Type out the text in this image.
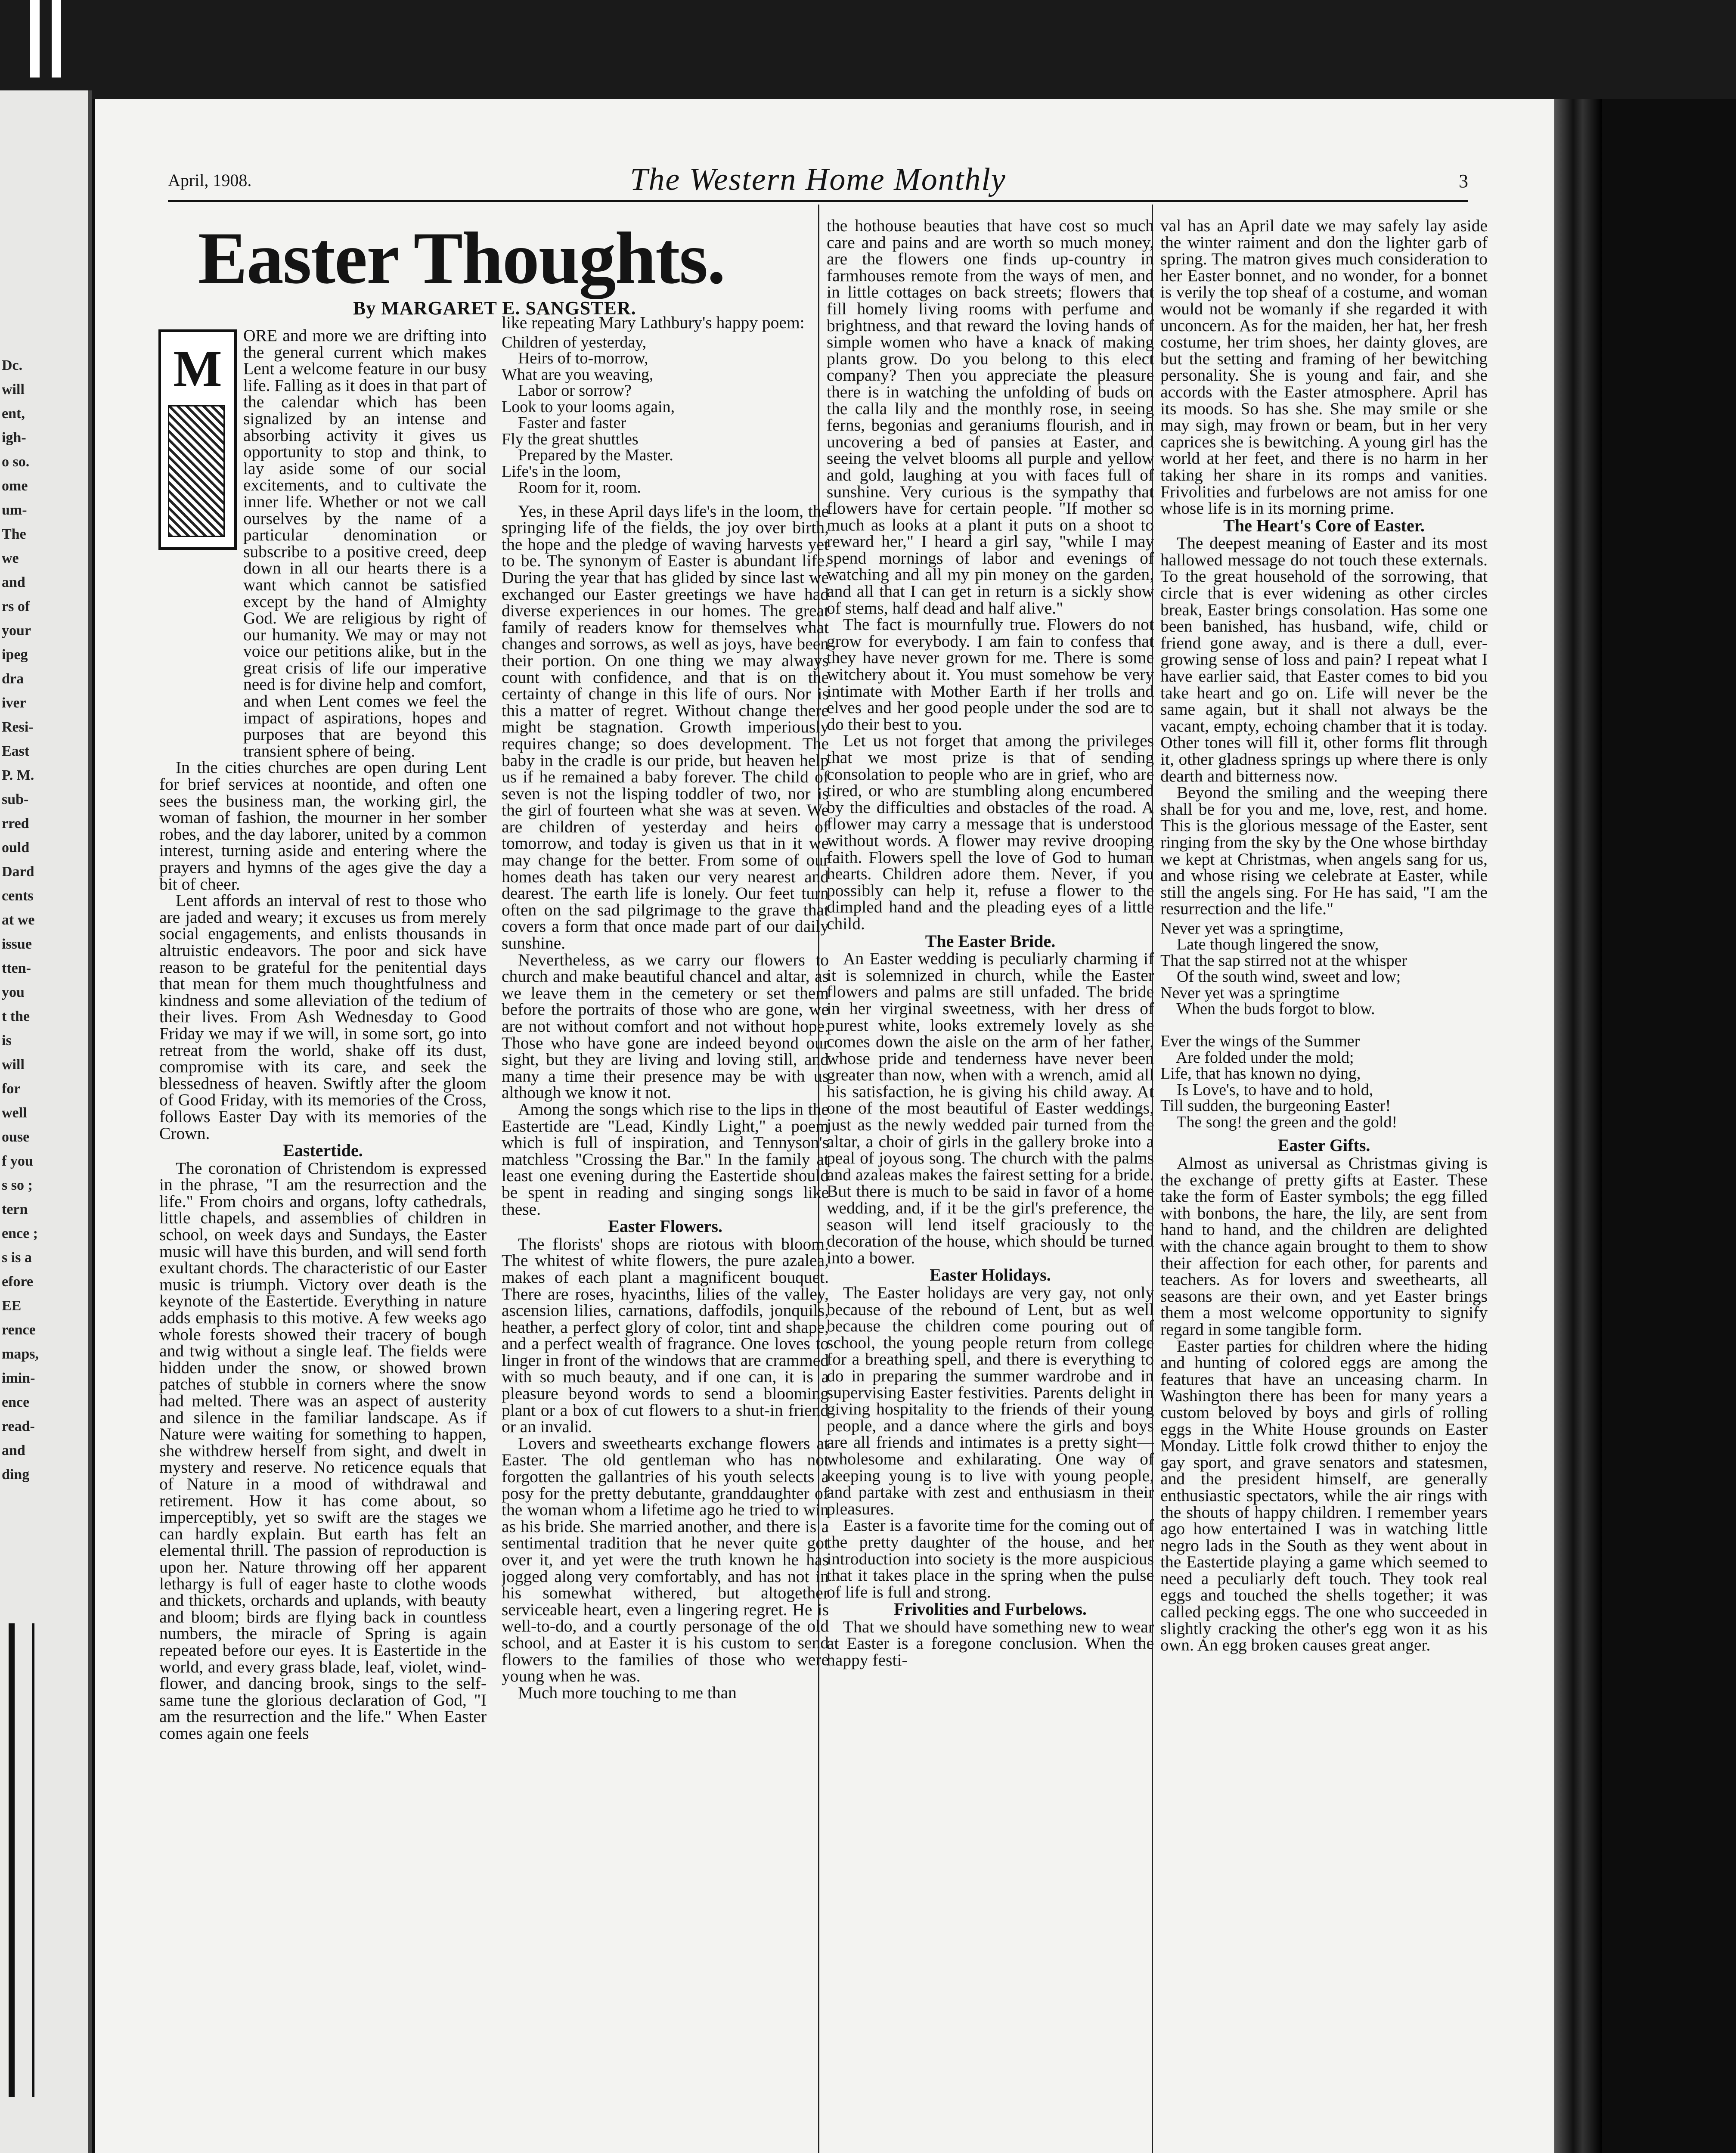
Dc.
will
ent,
igh-
o so.
ome
um-
The
we
and
rs of
your
ipeg
dra
iver
Resi-
East
P. M.
sub-
rred
ould
Dard
cents
at we
issue
tten-
you
t the
is
will
for
well
ouse
f you
s so ;
tern
ence ;
s is a
efore
EE
rence
maps,
imin-
ence
read-
and
ding
April, 1908.	The Western Home Monthly	3
Easter Thoughts.
By MARGARET E. SANGSTER.
M

ORE and more we are drifting into the general current which makes Lent a welcome feature in our busy life. Falling as it does in that part of the calendar which has been signalized by an intense and absorbing activity it gives us opportunity to stop and think, to lay aside some of our social excitements, and to cultivate the inner life. Whether or not we call ourselves by the name of a particular denomination or subscribe to a positive creed, deep down in all our hearts there is a want which cannot be satisfied except by the hand of Almighty God. We are religious by right of our humanity. We may or may not voice our petitions alike, but in the great crisis of life our imperative need is for divine help and comfort, and when Lent comes we feel the impact of aspirations, hopes and purposes that are beyond this transient sphere of being.

In the cities churches are open during Lent for brief services at noontide, and often one sees the business man, the working girl, the woman of fashion, the mourner in her somber robes, and the day laborer, united by a common interest, turning aside and entering where the prayers and hymns of the ages give the day a bit of cheer.

Lent affords an interval of rest to those who are jaded and weary; it excuses us from merely social engagements, and enlists thousands in altruistic endeavors. The poor and sick have reason to be grateful for the penitential days that mean for them much thoughtfulness and kindness and some alleviation of the tedium of their lives. From Ash Wednesday to Good Friday we may if we will, in some sort, go into retreat from the world, shake off its dust, compromise with its care, and seek the blessedness of heaven. Swiftly after the gloom of Good Friday, with its memories of the Cross, follows Easter Day with its memories of the Crown.

Eastertide.

The coronation of Christendom is expressed in the phrase, "I am the resurrection and the life." From choirs and organs, lofty cathedrals, little chapels, and assemblies of children in school, on week days and Sundays, the Easter music will have this burden, and will send forth exultant chords. The characteristic of our Easter music is triumph. Victory over death is the keynote of the Eastertide. Everything in nature adds emphasis to this motive. A few weeks ago whole forests showed their tracery of bough and twig without a single leaf. The fields were hidden under the snow, or showed brown patches of stubble in corners where the snow had melted. There was an aspect of austerity and silence in the familiar landscape. As if Nature were waiting for something to happen, she withdrew herself from sight, and dwelt in mystery and reserve. No reticence equals that of Nature in a mood of withdrawal and retirement. How it has come about, so imperceptibly, yet so swift are the stages we can hardly explain. But earth has felt an elemental thrill. The passion of reproduction is upon her. Nature throwing off her apparent lethargy is full of eager haste to clothe woods and thickets, orchards and uplands, with beauty and bloom; birds are flying back in countless numbers, the miracle of Spring is again repeated before our eyes. It is Eastertide in the world, and every grass blade, leaf, violet, wind-flower, and dancing brook, sings to the self-same tune the glorious declaration of God, "I am the resurrection and the life." When Easter comes again one feels

like repeating Mary Lathbury's happy poem:

Children of yesterday,
Heirs of to-morrow,
What are you weaving,
Labor or sorrow?
Look to your looms again,
Faster and faster
Fly the great shuttles
Prepared by the Master.
Life's in the loom,
Room for it, room.

Yes, in these April days life's in the loom, the springing life of the fields, the joy over birth, the hope and the pledge of waving harvests yet to be. The synonym of Easter is abundant life. During the year that has glided by since last we exchanged our Easter greetings we have had diverse experiences in our homes. The great family of readers know for themselves what changes and sorrows, as well as joys, have been their portion. On one thing we may always count with confidence, and that is on the certainty of change in this life of ours. Nor is this a matter of regret. Without change there might be stagnation. Growth imperiously requires change; so does development. The baby in the cradle is our pride, but heaven help us if he remained a baby forever. The child of seven is not the lisping toddler of two, nor is the girl of fourteen what she was at seven. We are children of yesterday and heirs of tomorrow, and today is given us that in it we may change for the better. From some of our homes death has taken our very nearest and dearest. The earth life is lonely. Our feet turn often on the sad pilgrimage to the grave that covers a form that once made part of our daily sunshine.

Nevertheless, as we carry our flowers to church and make beautiful chancel and altar, as we leave them in the cemetery or set them before the portraits of those who are gone, we are not without comfort and not without hope. Those who have gone are indeed beyond our sight, but they are living and loving still, and many a time their presence may be with us although we know it not.

Among the songs which rise to the lips in the Eastertide are "Lead, Kindly Light," a poem which is full of inspiration, and Tennyson's matchless "Crossing the Bar." In the family at least one evening during the Eastertide should be spent in reading and singing songs like these.

Easter Flowers.

The florists' shops are riotous with bloom. The whitest of white flowers, the pure azalea, makes of each plant a magnificent bouquet. There are roses, hyacinths, lilies of the valley, ascension lilies, carnations, daffodils, jonquils, heather, a perfect glory of color, tint and shape, and a perfect wealth of fragrance. One loves to linger in front of the windows that are crammed with so much beauty, and if one can, it is a pleasure beyond words to send a blooming plant or a box of cut flowers to a shut-in friend or an invalid.

Lovers and sweethearts exchange flowers at Easter. The old gentleman who has not forgotten the gallantries of his youth selects a posy for the pretty debutante, granddaughter of the woman whom a lifetime ago he tried to win as his bride. She married another, and there is a sentimental tradition that he never quite got over it, and yet were the truth known he has jogged along very comfortably, and has not in his somewhat withered, but altogether serviceable heart, even a lingering regret. He is well-to-do, and a courtly personage of the old school, and at Easter it is his custom to send flowers to the families of those who were young when he was.

Much more touching to me than

the hothouse beauties that have cost so much care and pains and are worth so much money, are the flowers one finds up-country in farmhouses remote from the ways of men, and in little cottages on back streets; flowers that fill homely living rooms with perfume and brightness, and that reward the loving hands of simple women who have a knack of making plants grow. Do you belong to this elect company? Then you appreciate the pleasure there is in watching the unfolding of buds on the calla lily and the monthly rose, in seeing ferns, begonias and geraniums flourish, and in uncovering a bed of pansies at Easter, and seeing the velvet blooms all purple and yellow and gold, laughing at you with faces full of sunshine. Very curious is the sympathy that flowers have for certain people. "If mother so much as looks at a plant it puts on a shoot to reward her," I heard a girl say, "while I may spend mornings of labor and evenings of watching and all my pin money on the garden, and all that I can get in return is a sickly show of stems, half dead and half alive."

The fact is mournfully true. Flowers do not grow for everybody. I am fain to confess that they have never grown for me. There is some witchery about it. You must somehow be very intimate with Mother Earth if her trolls and elves and her good people under the sod are to do their best to you.

Let us not forget that among the privileges that we most prize is that of sending consolation to people who are in grief, who are tired, or who are stumbling along encumbered by the difficulties and obstacles of the road. A flower may carry a message that is understood without words. A flower may revive drooping faith. Flowers spell the love of God to human hearts. Children adore them. Never, if you possibly can help it, refuse a flower to the dimpled hand and the pleading eyes of a little child.

The Easter Bride.

An Easter wedding is peculiarly charming if it is solemnized in church, while the Easter flowers and palms are still unfaded. The bride in her virginal sweetness, with her dress of purest white, looks extremely lovely as she comes down the aisle on the arm of her father, whose pride and tenderness have never been greater than now, when with a wrench, amid all his satisfaction, he is giving his child away. At one of the most beautiful of Easter weddings, just as the newly wedded pair turned from the altar, a choir of girls in the gallery broke into a peal of joyous song. The church with the palms and azaleas makes the fairest setting for a bride. But there is much to be said in favor of a home wedding, and, if it be the girl's preference, the season will lend itself graciously to the decoration of the house, which should be turned into a bower.

Easter Holidays.

The Easter holidays are very gay, not only because of the rebound of Lent, but as well because the children come pouring out of school, the young people return from college for a breathing spell, and there is everything to do in preparing the summer wardrobe and in supervising Easter festivities. Parents delight in giving hospitality to the friends of their young people, and a dance where the girls and boys are all friends and intimates is a pretty sight—wholesome and exhilarating. One way of keeping young is to live with young people, and partake with zest and enthusiasm in their pleasures.

Easter is a favorite time for the coming out of the pretty daughter of the house, and her introduction into society is the more auspicious that it takes place in the spring when the pulse of life is full and strong.

Frivolities and Furbelows.

That we should have something new to wear at Easter is a foregone conclusion. When the happy festi-

val has an April date we may safely lay aside the winter raiment and don the lighter garb of spring. The matron gives much consideration to her Easter bonnet, and no wonder, for a bonnet is verily the top sheaf of a costume, and woman would not be womanly if she regarded it with unconcern. As for the maiden, her hat, her fresh costume, her trim shoes, her dainty gloves, are but the setting and framing of her bewitching personality. She is young and fair, and she accords with the Easter atmosphere. April has its moods. So has she. She may smile or she may sigh, may frown or beam, but in her very caprices she is bewitching. A young girl has the world at her feet, and there is no harm in her taking her share in its romps and vanities. Frivolities and furbelows are not amiss for one whose life is in its morning prime.

The Heart's Core of Easter.

The deepest meaning of Easter and its most hallowed message do not touch these externals. To the great household of the sorrowing, that circle that is ever widening as other circles break, Easter brings consolation. Has some one been banished, has husband, wife, child or friend gone away, and is there a dull, ever-growing sense of loss and pain? I repeat what I have earlier said, that Easter comes to bid you take heart and go on. Life will never be the same again, but it shall not always be the vacant, empty, echoing chamber that it is today. Other tones will fill it, other forms flit through it, other gladness springs up where there is only dearth and bitterness now.

Beyond the smiling and the weeping there shall be for you and me, love, rest, and home. This is the glorious message of the Easter, sent ringing from the sky by the One whose birthday we kept at Christmas, when angels sang for us, and whose rising we celebrate at Easter, while still the angels sing. For He has said, "I am the resurrection and the life."

Never yet was a springtime,
Late though lingered the snow,
That the sap stirred not at the whisper
Of the south wind, sweet and low;
Never yet was a springtime
When the buds forgot to blow.

Ever the wings of the Summer
Are folded under the mold;
Life, that has known no dying,
Is Love's, to have and to hold,
Till sudden, the burgeoning Easter!
The song! the green and the gold!
Easter Gifts.

Almost as universal as Christmas giving is the exchange of pretty gifts at Easter. These take the form of Easter symbols; the egg filled with bonbons, the hare, the lily, are sent from hand to hand, and the children are delighted with the chance again brought to them to show their affection for each other, for parents and teachers. As for lovers and sweethearts, all seasons are their own, and yet Easter brings them a most welcome opportunity to signify regard in some tangible form.

Easter parties for children where the hiding and hunting of colored eggs are among the features that have an unceasing charm. In Washington there has been for many years a custom beloved by boys and girls of rolling eggs in the White House grounds on Easter Monday. Little folk crowd thither to enjoy the gay sport, and grave senators and statesmen, and the president himself, are generally enthusiastic spectators, while the air rings with the shouts of happy children. I remember years ago how entertained I was in watching little negro lads in the South as they went about in the Eastertide playing a game which seemed to need a peculiarly deft touch. They took real eggs and touched the shells together; it was called pecking eggs. The one who succeeded in slightly cracking the other's egg won it as his own. An egg broken causes great anger.
